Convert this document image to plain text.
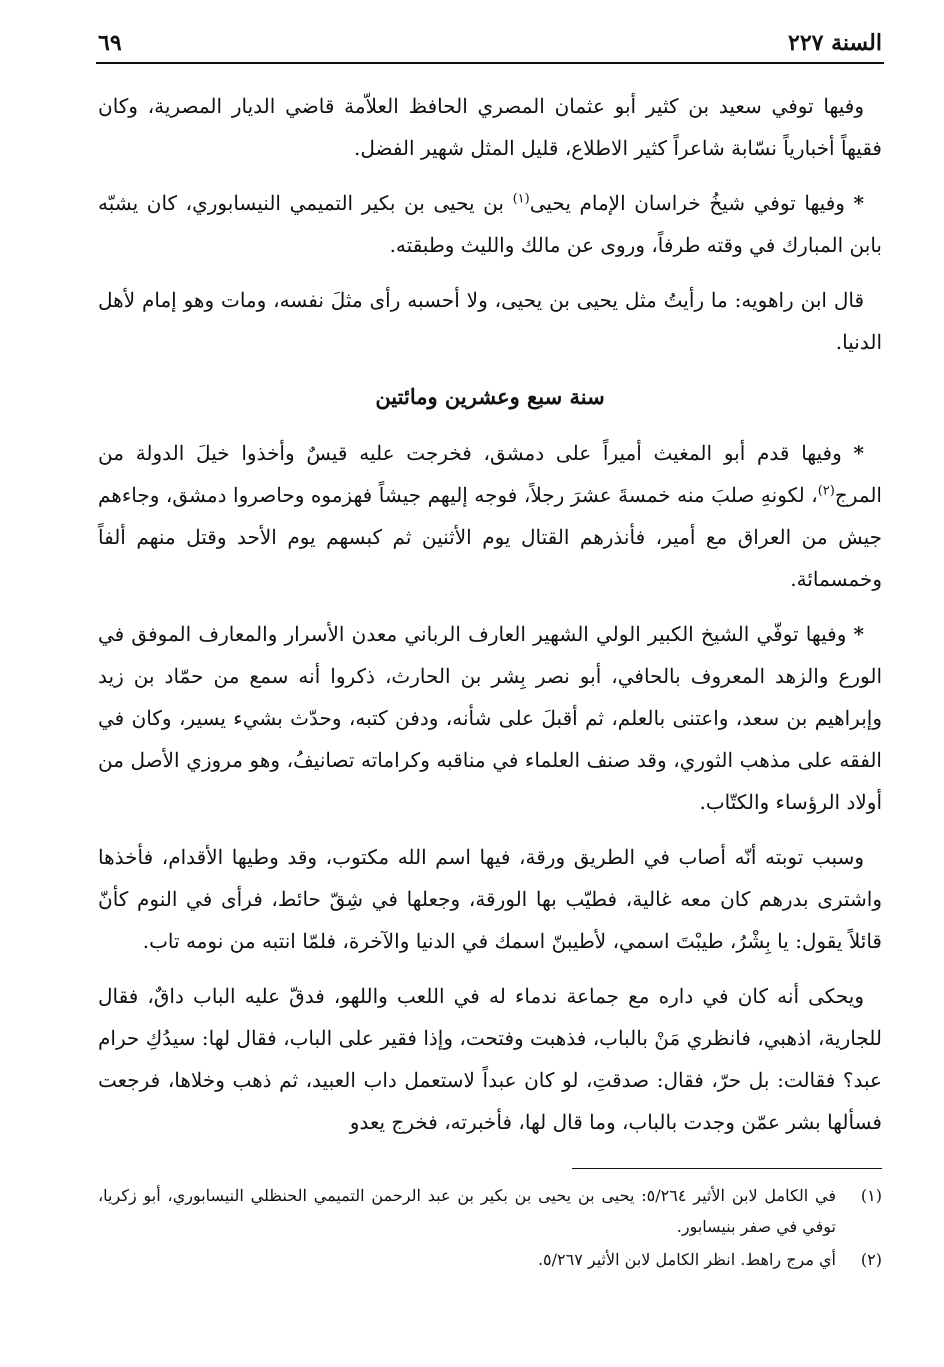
السنة ٢٢٧
٦٩

وفيها توفي سعيد بن كثير أبو عثمان المصري الحافظ العلاّمة قاضي الديار المصرية، وكان فقيهاً أخبارياً نسّابة شاعراً كثير الاطلاع، قليل المثل شهير الفضل.

* وفيها توفي شيخُ خراسان الإمام يحيى$^{(١)}$ بن يحيى بن بكير التميمي النيسابوري، كان يشبّه بابن المبارك في وقته طرفاً، وروى عن مالك والليث وطبقته.

قال ابن راهويه: ما رأيتُ مثل يحيى بن يحيى، ولا أحسبه رأى مثلَ نفسه، ومات وهو إمام لأهل الدنيا.

سنة سبع وعشرين ومائتين

* وفيها قدم أبو المغيث أميراً على دمشق، فخرجت عليه قيسٌ وأخذوا خيلَ الدولة من المرج$^{(٢)}$، لكونهِ صلبَ منه خمسةَ عشرَ رجلاً، فوجه إليهم جيشاً فهزموه وحاصروا دمشق، وجاءهم جيش من العراق مع أمير، فأنذرهم القتال يوم الأثنين ثم كبسهم يوم الأحد وقتل منهم ألفاً وخمسمائة.

* وفيها توفّي الشيخ الكبير الولي الشهير العارف الرباني معدن الأسرار والمعارف الموفق في الورع والزهد المعروف بالحافي، أبو نصر بِشر بن الحارث، ذكروا أنه سمع من حمّاد بن زيد وإبراهيم بن سعد، واعتنى بالعلم، ثم أقبلَ على شأنه، ودفن كتبه، وحدّث بشيء يسير، وكان في الفقه على مذهب الثوري، وقد صنف العلماء في مناقبه وكراماته تصانيفُ، وهو مروزي الأصل من أولاد الرؤساء والكتّاب.

وسبب توبته أنّه أصاب في الطريق ورقة، فيها اسم الله مكتوب، وقد وطيها الأقدام، فأخذها واشترى بدرهم كان معه غالية، فطيّب بها الورقة، وجعلها في شِقّ حائط، فرأى في النوم كأنّ قائلاً يقول: يا بِشْرُ، طيبْتَ اسمي، لأطيبنّ اسمك في الدنيا والآخرة، فلمّا انتبه من نومه تاب.

ويحكى أنه كان في داره مع جماعة ندماء له في اللعب واللهو، فدقّ عليه الباب داقٌ، فقال للجارية، اذهبي، فانظري مَنْ بالباب، فذهبت وفتحت، وإذا فقير على الباب، فقال لها: سيدُكِ حرام عبد؟ فقالت: بل حرّ، فقال: صدقتِ، لو كان عبداً لاستعمل داب العبيد، ثم ذهب وخلاها، فرجعت فسألها بشر عمّن وجدت بالباب، وما قال لها، فأخبرته، فخرج يعدو

(١)
في الكامل لابن الأثير ٥/٢٦٤: يحيى بن يحيى بن بكير بن عبد الرحمن التميمي الحنظلي النيسابوري، أبو زكريا، توفي في صفر بنيسابور.
(٢)
أي مرج راهط. انظر الكامل لابن الأثير ٥/٢٦٧.
